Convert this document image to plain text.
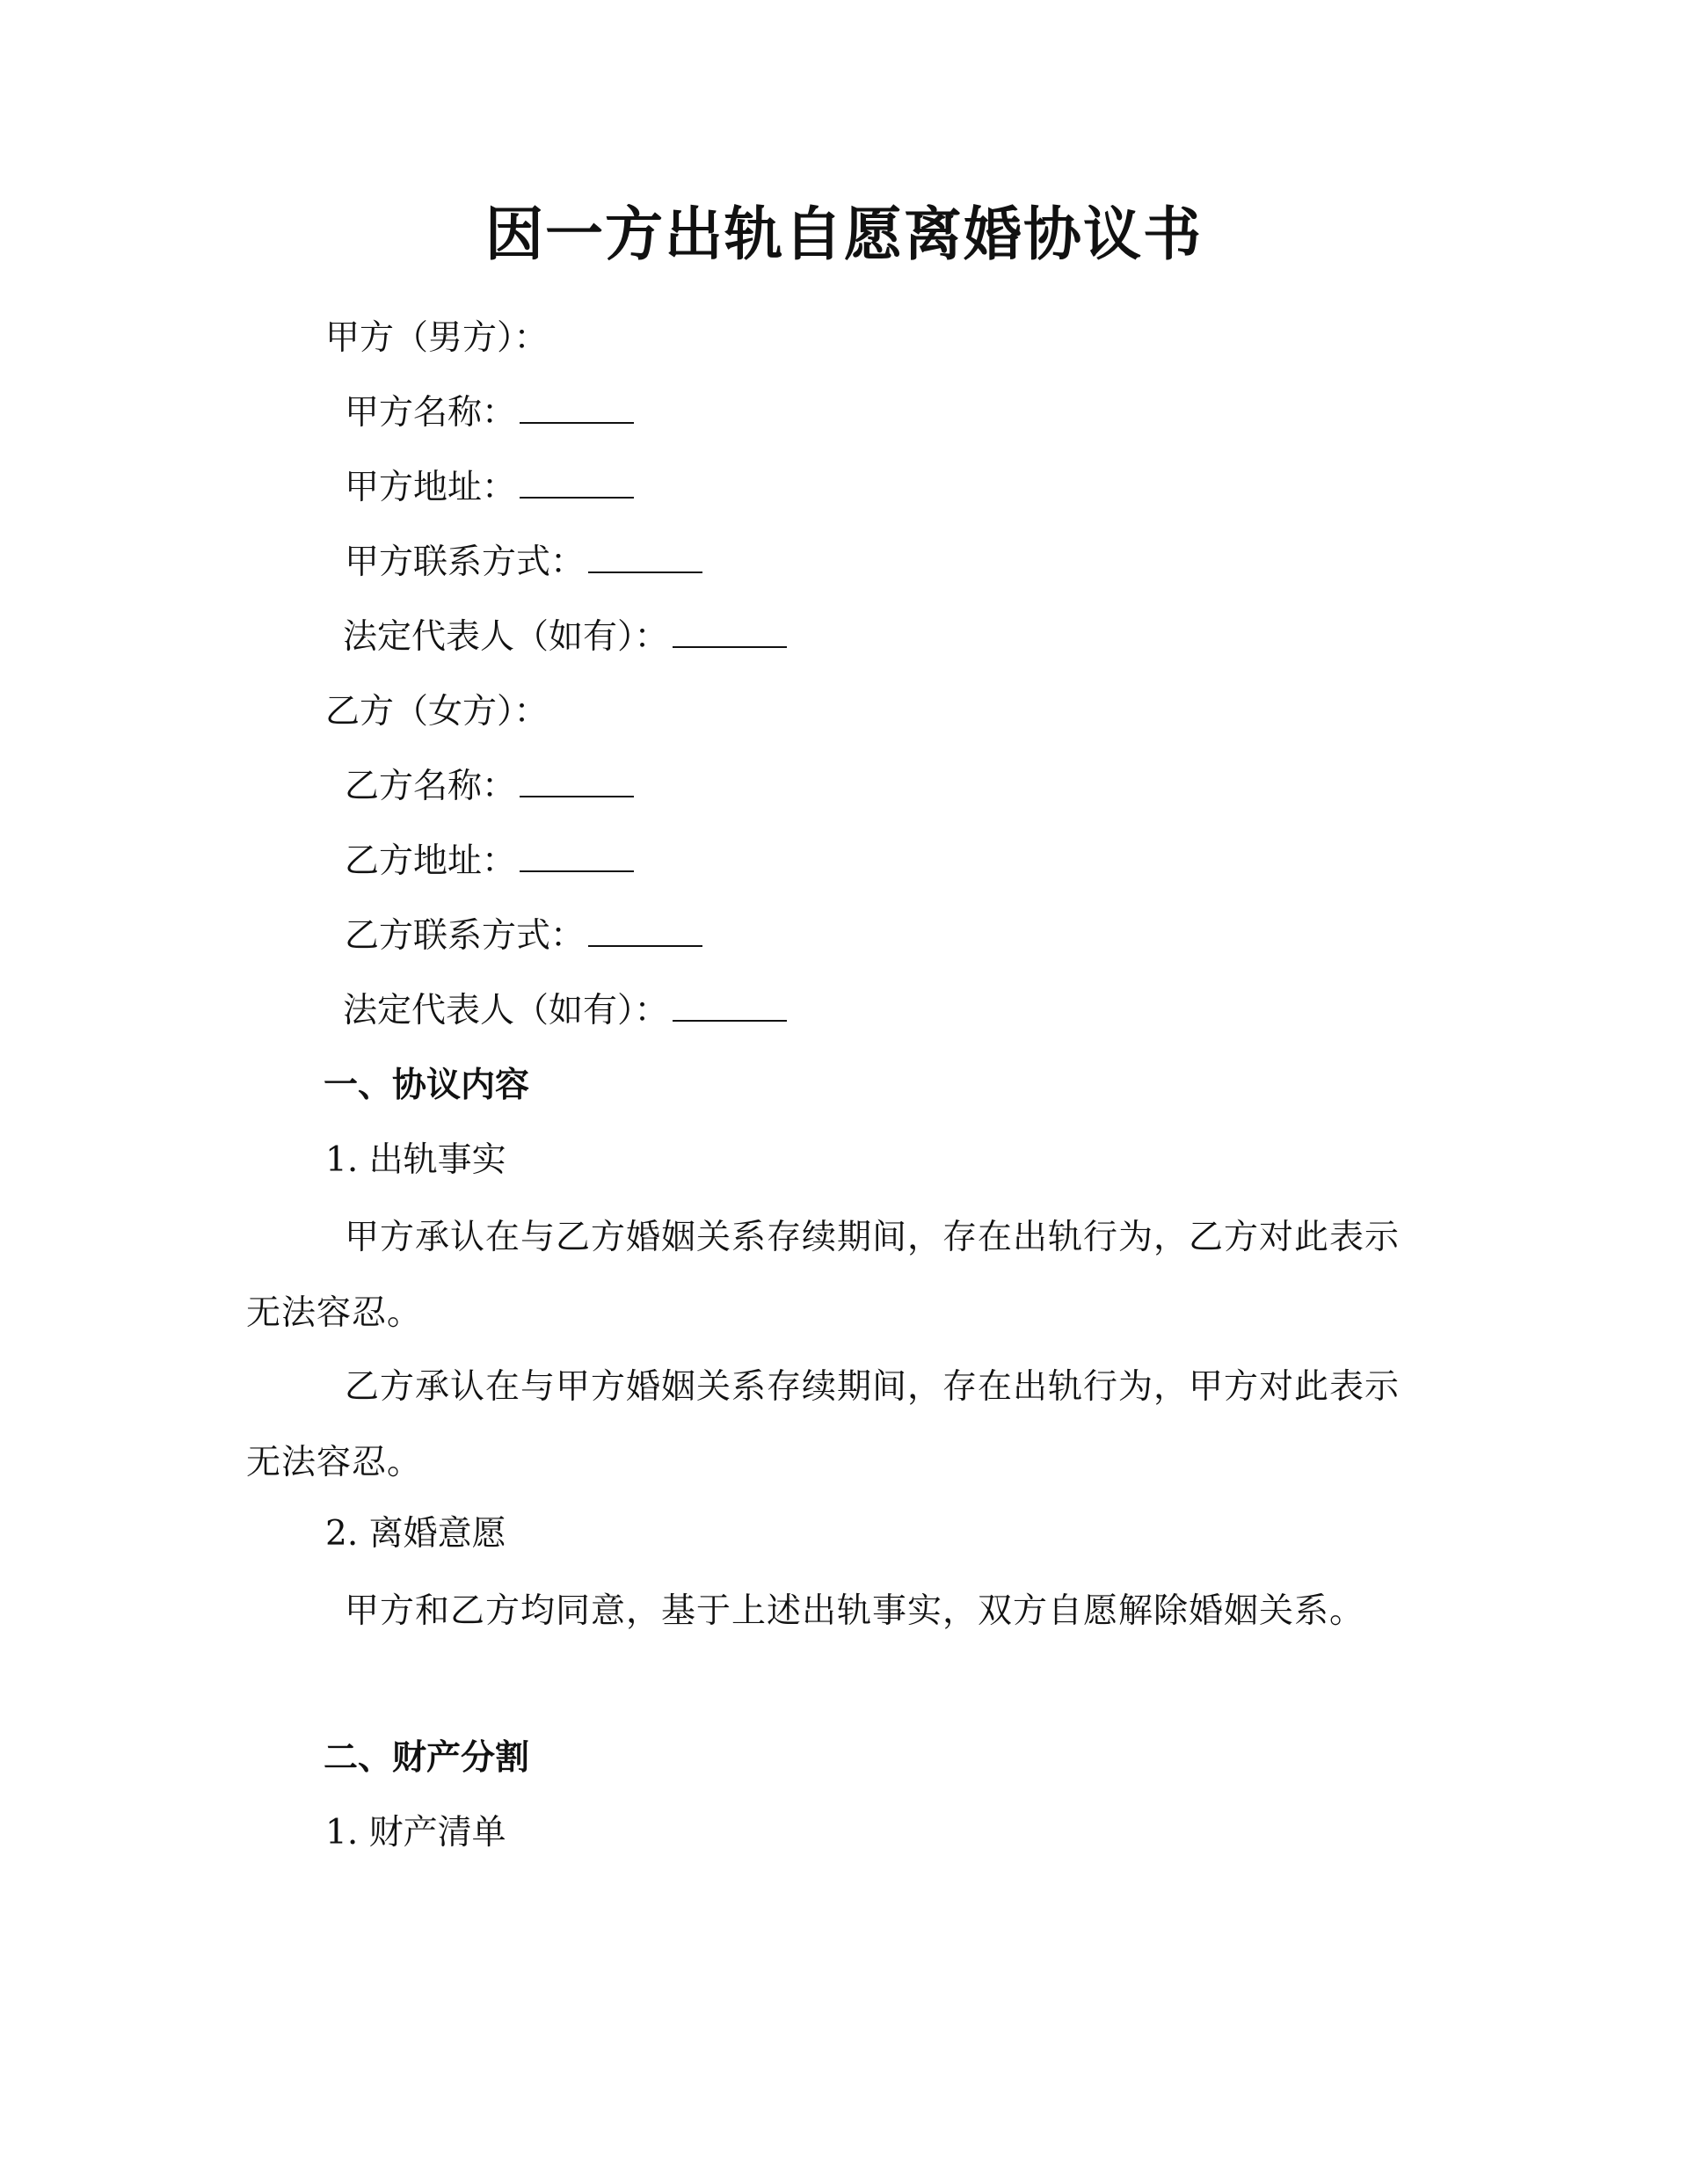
因一方出轨自愿离婚协议书
甲方（男方）：
甲方名称：
甲方地址：
甲方联系方式：
法定代表人（如有）：
乙方（女方）：
乙方名称：
乙方地址：
乙方联系方式：
法定代表人（如有）：
一、协议内容
1. 出轨事实
甲方承认在与乙方婚姻关系存续期间，存在出轨行为，乙方对此表示无法容忍。
乙方承认在与甲方婚姻关系存续期间，存在出轨行为，甲方对此表示无法容忍。
2. 离婚意愿
甲方和乙方均同意，基于上述出轨事实，双方自愿解除婚姻关系。
二、财产分割
1. 财产清单
